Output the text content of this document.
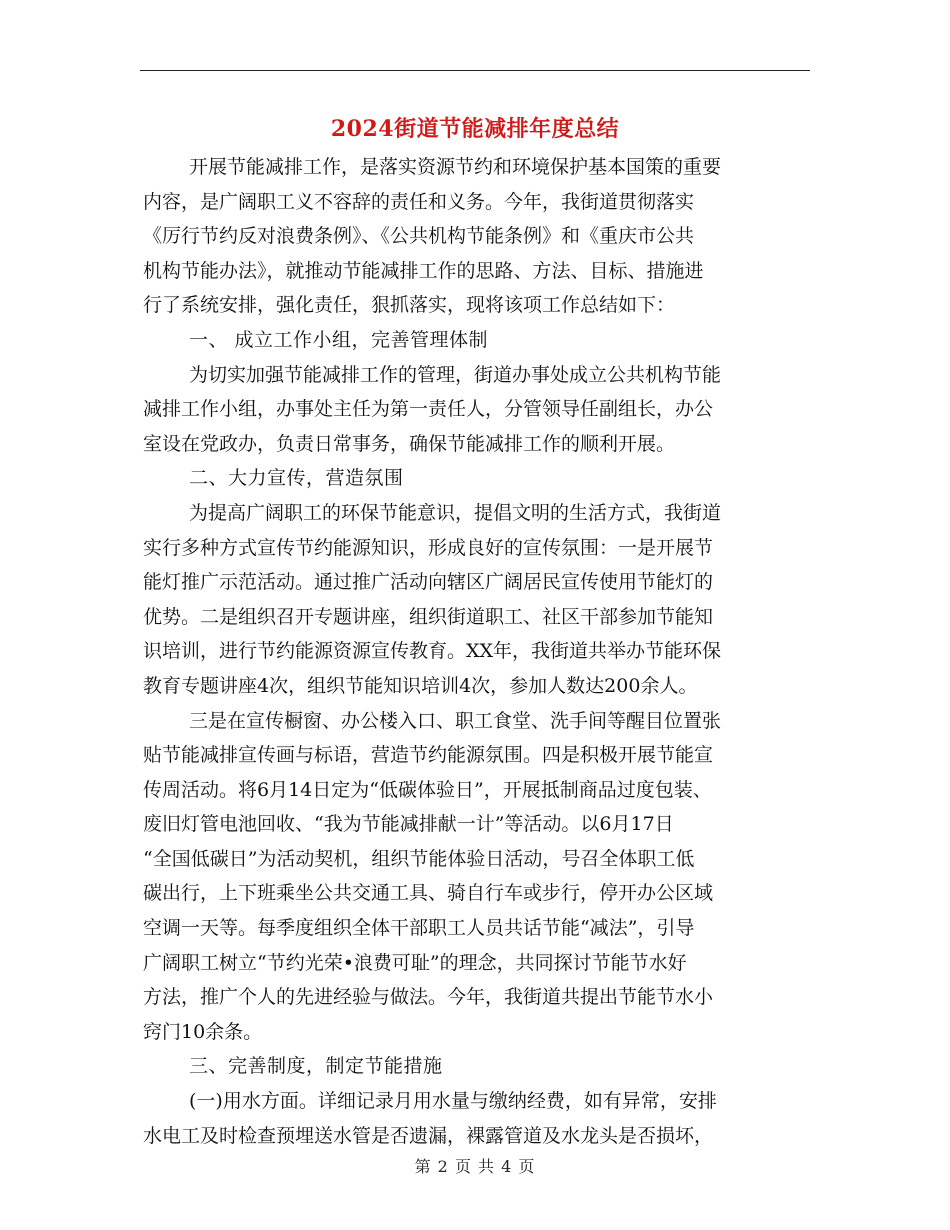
2024街道节能减排年度总结
开展节能减排工作，是落实资源节约和环境保护基本国策的重要
内容，是广阔职工义不容辞的责任和义务。今年，我街道贯彻落实
《厉行节约反对浪费条例》、《公共机构节能条例》和《重庆市公共
机构节能办法》，就推动节能减排工作的思路、方法、目标、措施进
行了系统安排，强化责任，狠抓落实，现将该项工作总结如下：
一、 成立工作小组，完善管理体制
为切实加强节能减排工作的管理，街道办事处成立公共机构节能
减排工作小组，办事处主任为第一责任人，分管领导任副组长，办公
室设在党政办，负责日常事务，确保节能减排工作的顺利开展。
二、大力宣传，营造氛围
为提高广阔职工的环保节能意识，提倡文明的生活方式，我街道
实行多种方式宣传节约能源知识，形成良好的宣传氛围：一是开展节
能灯推广示范活动。通过推广活动向辖区广阔居民宣传使用节能灯的
优势。二是组织召开专题讲座，组织街道职工、社区干部参加节能知
识培训，进行节约能源资源宣传教育。XX年，我街道共举办节能环保
教育专题讲座4次，组织节能知识培训4次，参加人数达200余人。
三是在宣传橱窗、办公楼入口、职工食堂、洗手间等醒目位置张
贴节能减排宣传画与标语，营造节约能源氛围。四是积极开展节能宣
传周活动。将6月14日定为“低碳体验日”，开展抵制商品过度包装、
废旧灯管电池回收、“我为节能减排献一计”等活动。以6月17日
“全国低碳日”为活动契机，组织节能体验日活动，号召全体职工低
碳出行，上下班乘坐公共交通工具、骑自行车或步行，停开办公区域
空调一天等。每季度组织全体干部职工人员共话节能“减法”，引导
广阔职工树立“节约光荣•浪费可耻”的理念，共同探讨节能节水好
方法，推广个人的先进经验与做法。今年，我街道共提出节能节水小
窍门10余条。
三、完善制度，制定节能措施
(一)用水方面。详细记录月用水量与缴纳经费，如有异常，安排
水电工及时检查预埋送水管是否遗漏，裸露管道及水龙头是否损坏，
第 2 页 共 4 页
